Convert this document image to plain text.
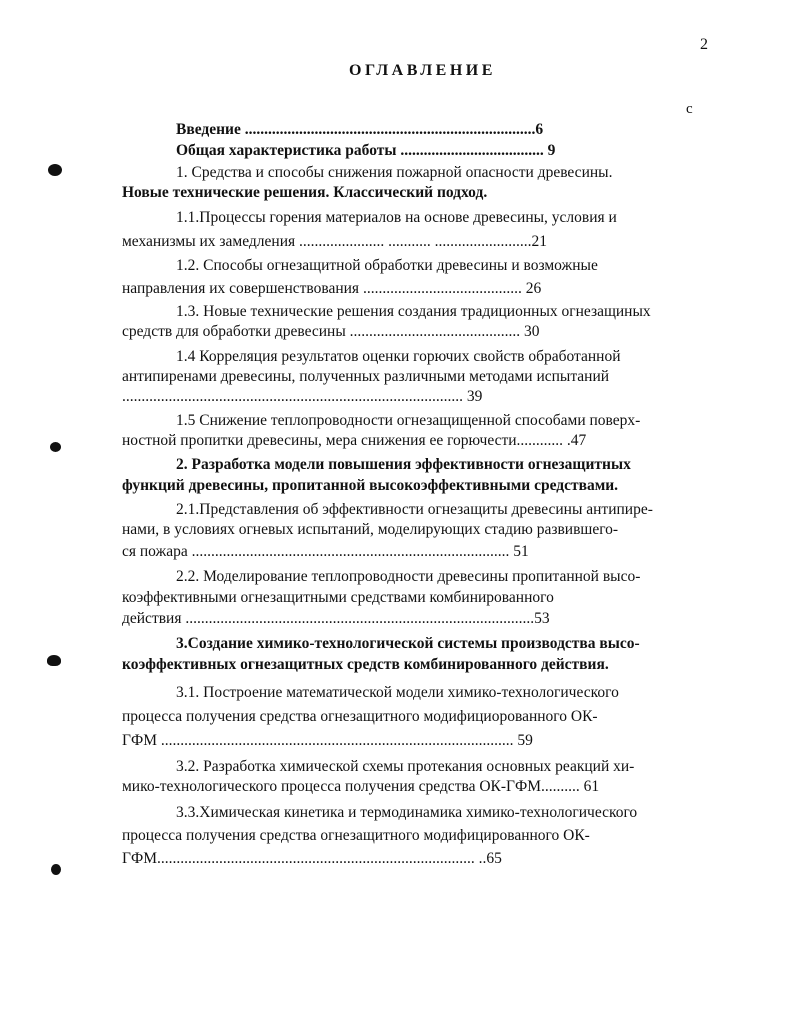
2
ОГЛАВЛЕНИЕ
с
Введение ...........................................................................6
Общая характеристика работы ..................................... 9
1. Средства и способы снижения пожарной опасности древесины.
Новые технические решения. Классический подход.
1.1.Процессы горения материалов на основе древесины, условия и
механизмы их замедления ...................... ........... .........................21
1.2. Способы огнезащитной обработки древесины и возможные
направления их совершенствования ......................................... 26
1.3. Новые технические решения создания традиционных огнезащиных
средств для обработки древесины ............................................ 30
1.4 Корреляция результатов оценки горючих свойств обработанной
антипиренами древесины, полученных различными методами испытаний
........................................................................................ 39
1.5 Снижение теплопроводности огнезащищенной способами поверх-
ностной пропитки древесины, мера снижения ее горючести............ .47
2. Разработка модели повышения эффективности огнезащитных
функций древесины, пропитанной высокоэффективными средствами.
2.1.Представления об эффективности огнезащиты древесины антипире-
нами, в условиях огневых испытаний, моделирующих стадию развившего-
ся пожара .................................................................................. 51
2.2. Моделирование теплопроводности древесины пропитанной высо-
коэффективными огнезащитными средствами комбинированного
действия ..........................................................................................53
3.Создание химико-технологической системы производства высо-
коэффективных огнезащитных средств комбинированного действия.
3.1. Построение математической модели химико-технологического
процесса получения средства огнезащитного модифициорованного ОК-
ГФМ ........................................................................................... 59
3.2. Разработка химической схемы протекания основных реакций хи-
мико-технологического процесса получения средства ОК-ГФМ.......... 61
3.3.Химическая кинетика и термодинамика химико-технологического
процесса получения средства огнезащитного модифицированного ОК-
ГФМ.................................................................................. ..65
